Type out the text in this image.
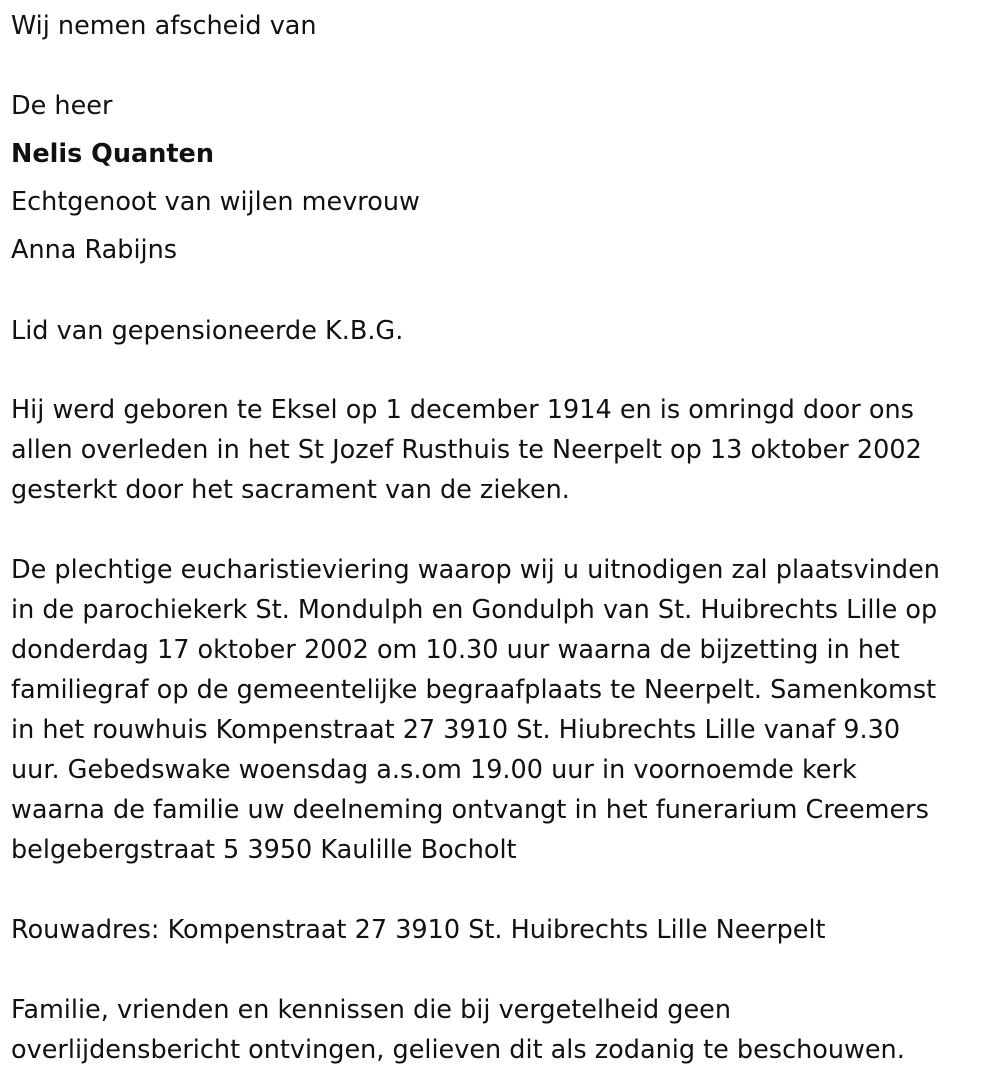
Wij nemen afscheid van
De heer
Nelis Quanten
Echtgenoot van wijlen mevrouw
Anna Rabijns
Lid van gepensioneerde K.B.G.
Hij werd geboren te Eksel op 1 december 1914 en is omringd door ons
allen overleden in het St Jozef Rusthuis te Neerpelt op 13 oktober 2002
gesterkt door het sacrament van de zieken.
De plechtige eucharistieviering waarop wij u uitnodigen zal plaatsvinden
in de parochiekerk St. Mondulph en Gondulph van St. Huibrechts Lille op
donderdag 17 oktober 2002 om 10.30 uur waarna de bijzetting in het
familiegraf op de gemeentelijke begraafplaats te Neerpelt. Samenkomst
in het rouwhuis Kompenstraat 27 3910 St. Hiubrechts Lille vanaf 9.30
uur. Gebedswake woensdag a.s.om 19.00 uur in voornoemde kerk
waarna de familie uw deelneming ontvangt in het funerarium Creemers
belgebergstraat 5 3950 Kaulille Bocholt
Rouwadres: Kompenstraat 27 3910 St. Huibrechts Lille Neerpelt
Familie, vrienden en kennissen die bij vergetelheid geen
overlijdensbericht ontvingen, gelieven dit als zodanig te beschouwen.
